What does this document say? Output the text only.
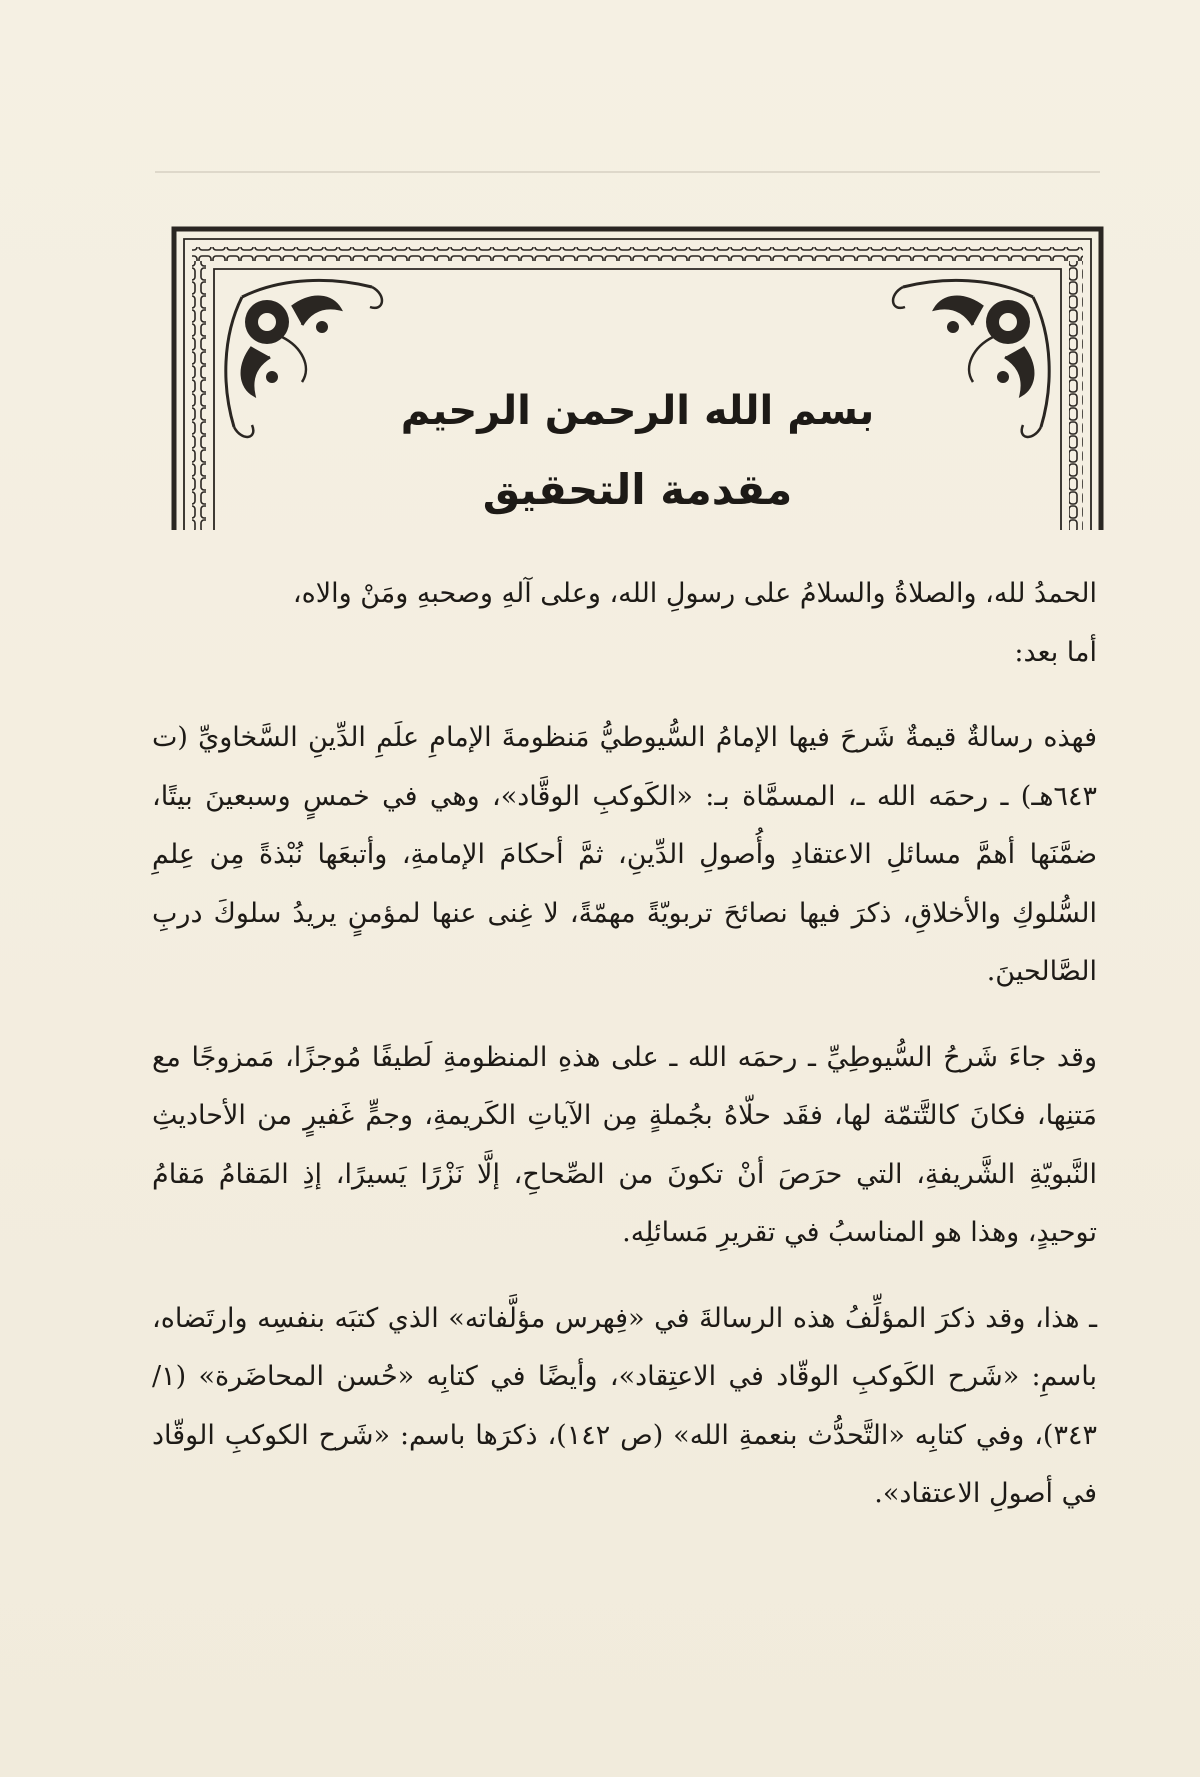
بسم الله الرحمن الرحيم
مقدمة التحقيق

الحمدُ لله، والصلاةُ والسلامُ على رسولِ الله، وعلى آلهِ وصحبهِ ومَنْ والاه،

أما بعد:

فهذه رسالةٌ قيمةٌ شَرحَ فيها الإمامُ السُّيوطيُّ مَنظومةَ الإمامِ علَمِ الدِّينِ السَّخاويِّ (ت ٦٤٣هـ) ـ رحمَه الله ـ، المسمَّاة بـ: «الكَوكبِ الوقَّاد»، وهي في خمسٍ وسبعينَ بيتًا، ضمَّنَها أهمَّ مسائلِ الاعتقادِ وأُصولِ الدِّينِ، ثمَّ أحكامَ الإمامةِ، وأتبعَها نُبْذةً مِن عِلمِ السُّلوكِ والأخلاقِ، ذكرَ فيها نصائحَ تربويّةً مهمّةً، لا غِنى عنها لمؤمنٍ يريدُ سلوكَ دربِ الصَّالحينَ.

وقد جاءَ شَرحُ السُّيوطِيِّ ـ رحمَه الله ـ على هذهِ المنظومةِ لَطيفًا مُوجزًا، مَمزوجًا مع مَتنِها، فكانَ كالتَّتمّة لها، فقَد حلّاهُ بجُملةٍ مِن الآياتِ الكَريمةِ، وجمٍّ غَفيرٍ من الأحاديثِ النَّبويّةِ الشَّريفةِ، التي حرَصَ أنْ تكونَ من الصِّحاحِ، إلَّا نَزْرًا يَسيرًا، إذِ المَقامُ مَقامُ توحيدٍ، وهذا هو المناسبُ في تقريرِ مَسائلِه.

ـ هذا، وقد ذكرَ المؤلِّفُ هذه الرسالةَ في «فِهرس مؤلَّفاته» الذي كتبَه بنفسِه وارتَضاه، باسمِ: «شَرح الكَوكبِ الوقّاد في الاعتِقاد»، وأيضًا في كتابِه «حُسن المحاضَرة» (١/ ٣٤٣)، وفي كتابِه «التَّحدُّث بنعمةِ الله» (ص ١٤٢)، ذكرَها باسم: «شَرح الكوكبِ الوقّاد في أصولِ الاعتقاد».
